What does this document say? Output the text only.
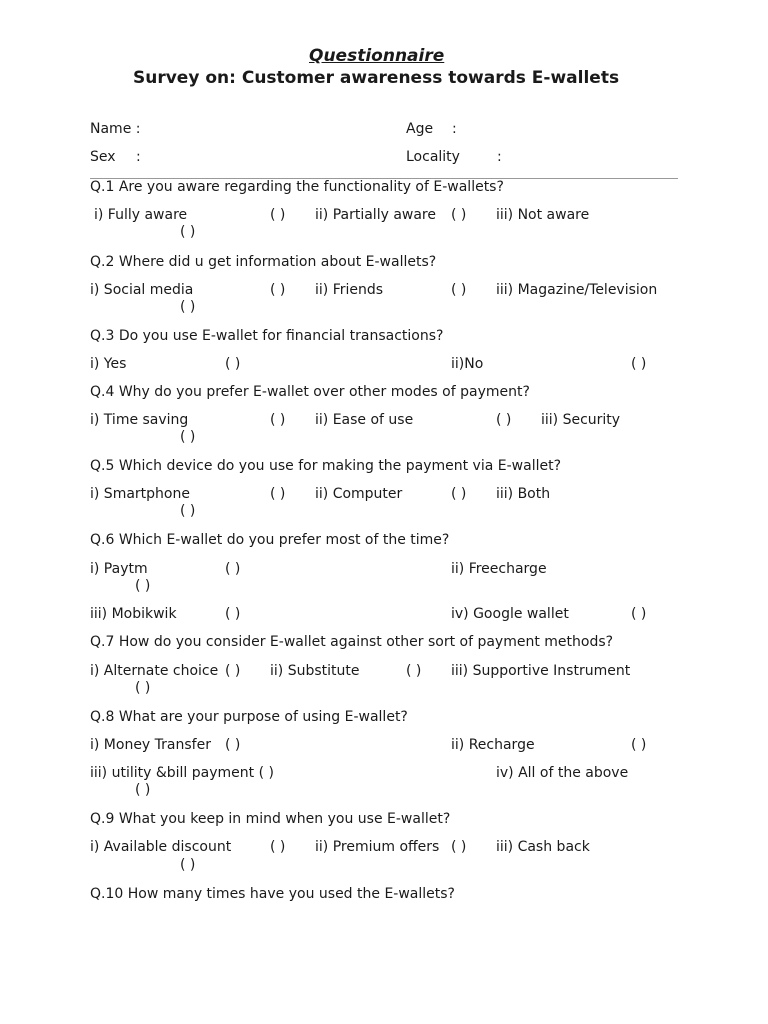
Questionnaire
Survey on: Customer awareness towards E-wallets
Name :	Age :
Sex :	Locality	:
Q.1 Are you aware regarding the functionality of E-wallets?
i) Fully aware	( ) ii) Partially aware ( ) iii) Not aware
( )
Q.2 Where did u get information about E-wallets?
i) Social media	( ) ii) Friends	( ) iii) Magazine/Television
( )
Q.3 Do you use E-wallet for financial transactions?
i) Yes	( )	ii)No	( )
Q.4 Why do you prefer E-wallet over other modes of payment?
i) Time saving	( ) ii) Ease of use	( ) iii) Security
( )
Q.5 Which device do you use for making the payment via E-wallet?
i) Smartphone	( ) ii) Computer	( ) iii) Both
( )
Q.6 Which E-wallet do you prefer most of the time?
i) Paytm	( )	ii) Freecharge
( )
iii) Mobikwik	( )	iv) Google wallet	( )
Q.7 How do you consider E-wallet against other sort of payment methods?
i) Alternate choice ( ) ii) Substitute	( ) iii) Supportive Instrument
( )
Q.8 What are your purpose of using E-wallet?
i) Money Transfer ( )	ii) Recharge	( )
iii) utility &bill payment ( )	iv) All of the above
( )
Q.9 What you keep in mind when you use E-wallet?
i) Available discount	( ) ii) Premium offers ( ) iii) Cash back
( )
Q.10 How many times have you used the E-wallets?
